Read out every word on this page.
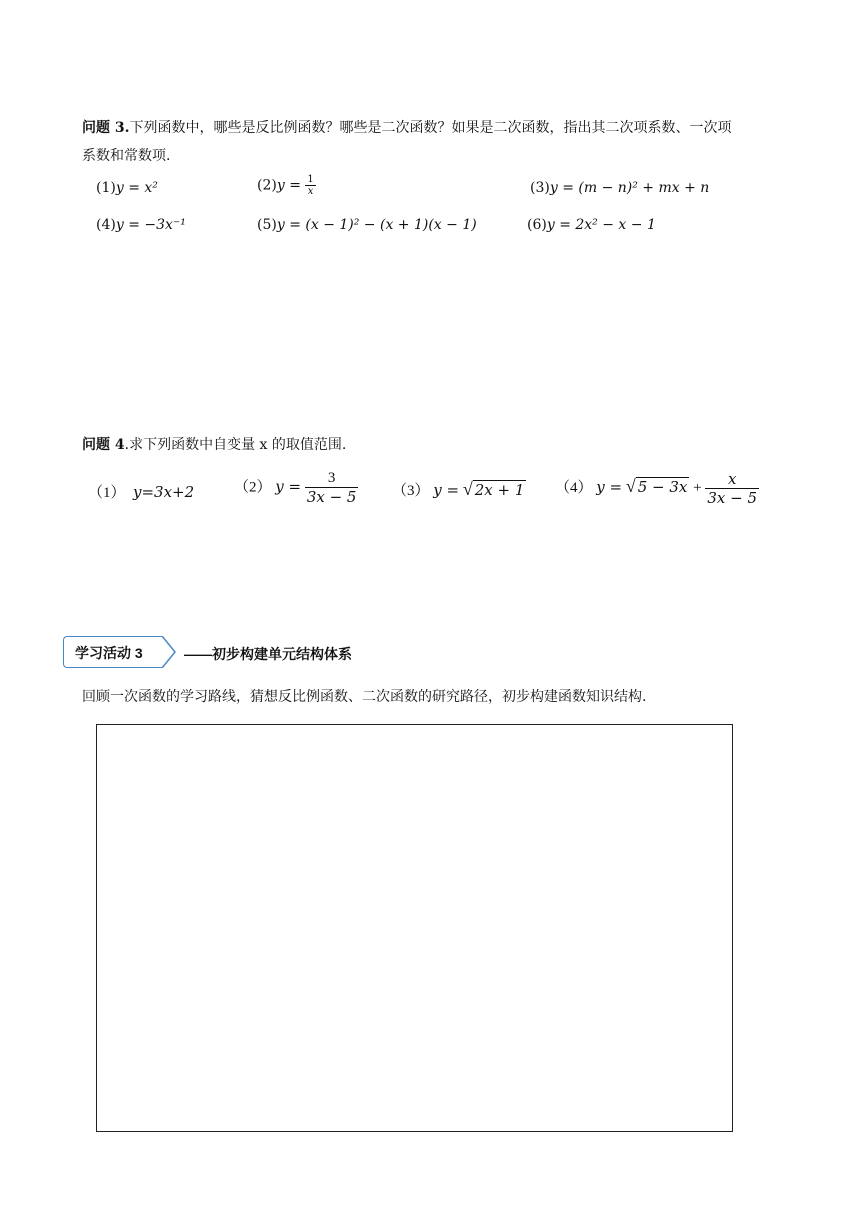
问题 3.下列函数中，哪些是反比例函数？哪些是二次函数？如果是二次函数，指出其二次项系数、一次项
系数和常数项.
(1)y = x²	$(2)y = \frac{1}{x}$	(3)y = (m − n)² + mx + n
(4)y = −3x⁻¹	(5)y = (x − 1)² − (x + 1)(x − 1)	(6)y = 2x² − x − 1
问题 4.求下列函数中自变量 x 的取值范围.
（1） y=3x+2	（2） $y = \frac{3}{3x - 5} (3) y$ = √ 2x + 1 （4） y = √ $5 - 3x + \frac{x}{3x - 5}$
学习活动 3	——初步构建单元结构体系
回顾一次函数的学习路线，猜想反比例函数、二次函数的研究路径，初步构建函数知识结构.
